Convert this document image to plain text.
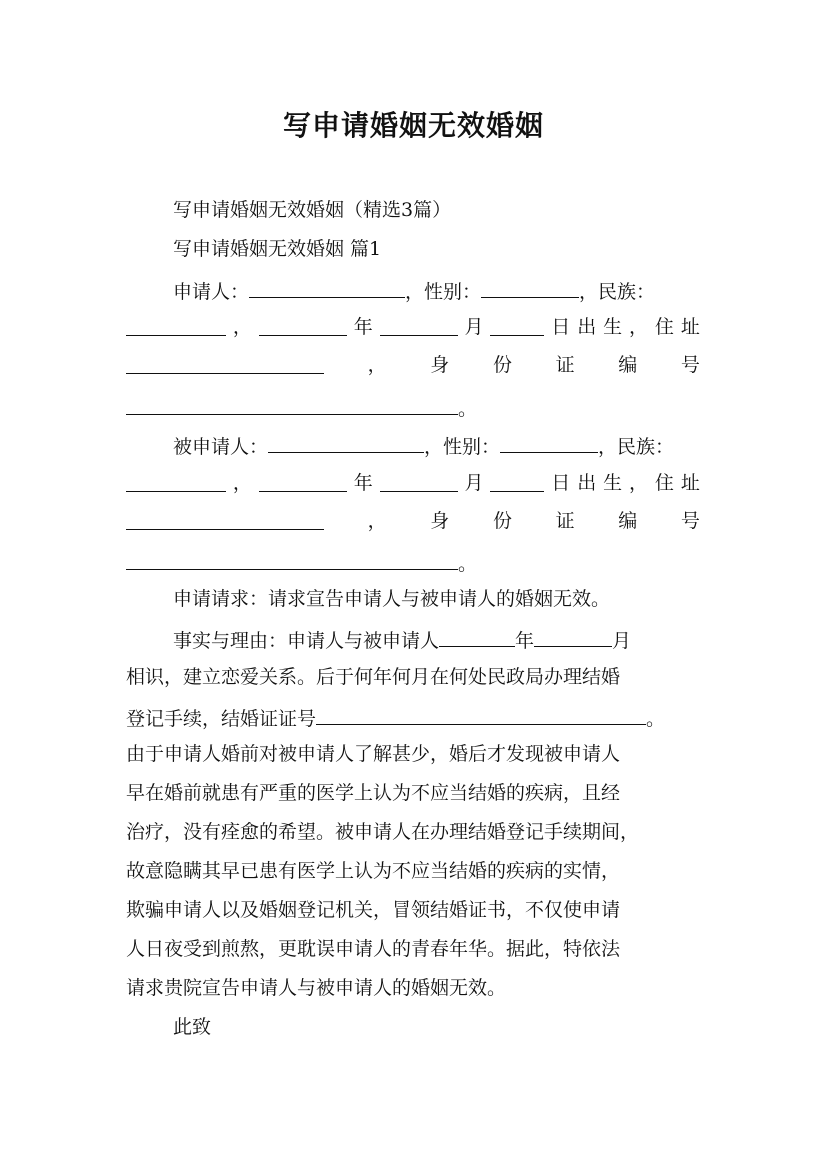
写申请婚姻无效婚姻
写申请婚姻无效婚姻（精选3篇）
写申请婚姻无效婚姻 篇1
申请人：	，性别：	，民族：
，	年	月	日 出 生 ， 住 址
， 身 份 证 编 号
。
被申请人：	，性别：	，民族：
，	年	月	日 出 生 ， 住 址
， 身 份 证 编 号
。
申请请求：请求宣告申请人与被申请人的婚姻无效。
事实与理由：申请人与被申请人	年	月
相识，建立恋爱关系。后于何年何月在何处民政局办理结婚
登记手续，结婚证证号	。
由于申请人婚前对被申请人了解甚少，婚后才发现被申请人
早在婚前就患有严重的医学上认为不应当结婚的疾病，且经
治疗，没有痊愈的希望。被申请人在办理结婚登记手续期间，
故意隐瞒其早已患有医学上认为不应当结婚的疾病的实情，
欺骗申请人以及婚姻登记机关，冒领结婚证书，不仅使申请
人日夜受到煎熬，更耽误申请人的青春年华。据此，特依法
请求贵院宣告申请人与被申请人的婚姻无效。
此致
